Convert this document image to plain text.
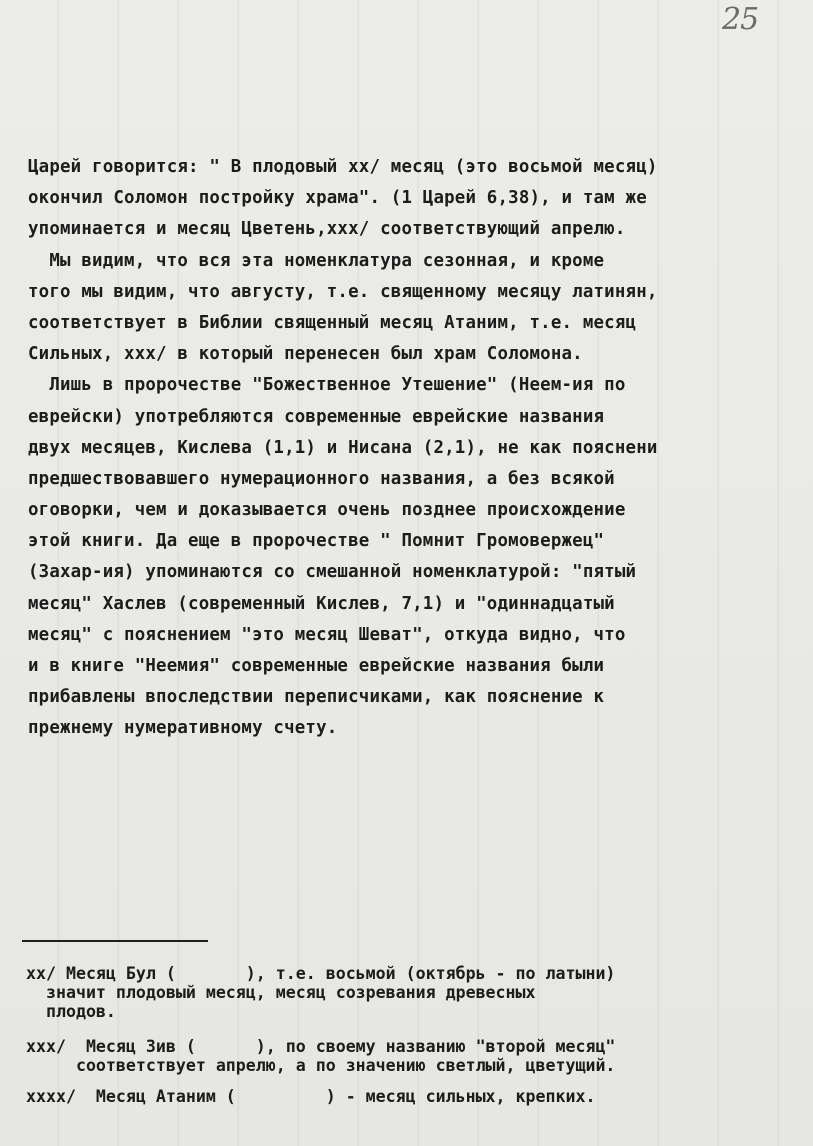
25
Царей говорится: " В плодовый xx/ месяц (это восьмой месяц)
окончил Соломон постройку храма". (1 Царей 6,38), и там же
упоминается и месяц Цветень,xxx/ соответствующий апрелю.
Мы видим, что вся эта номенклатура сезонная, и кроме
того мы видим, что августу, т.е. священному месяцу латинян,
соответствует в Библии священный месяц Атаним, т.е. месяц
Сильных, xxx/ в который перенесен был храм Соломона.
Лишь в пророчестве "Божественное Утешение" (Неем-ия по
еврейски) употребляются современные еврейские названия
двух месяцев, Кислева (1,1) и Нисана (2,1), не как пояснени
предшествовавшего нумерационного названия, а без всякой
оговорки, чем и доказывается очень позднее происхождение
этой книги. Да еще в пророчестве " Помнит Громовержец"
(Захар-ия) упоминаются со смешанной номенклатурой: "пятый
месяц" Хаслев (современный Кислев, 7,1) и "одиннадцатый
месяц" с пояснением "это месяц Шеват", откуда видно, что
и в книге "Неемия" современные еврейские названия были
прибавлены впоследствии переписчиками, как пояснение к
прежнему нумеративному счету.
xx/ Месяц Бул (       ), т.е. восьмой (октябрь - по латыни)
значит плодовый месяц, месяц созревания древесных
плодов.
xxx/  Месяц Зив (      ), по своему названию "второй месяц"
соответствует апрелю, а по значению светлый, цветущий.
xxxx/  Месяц Атаним (         ) - месяц сильных, крепких.
